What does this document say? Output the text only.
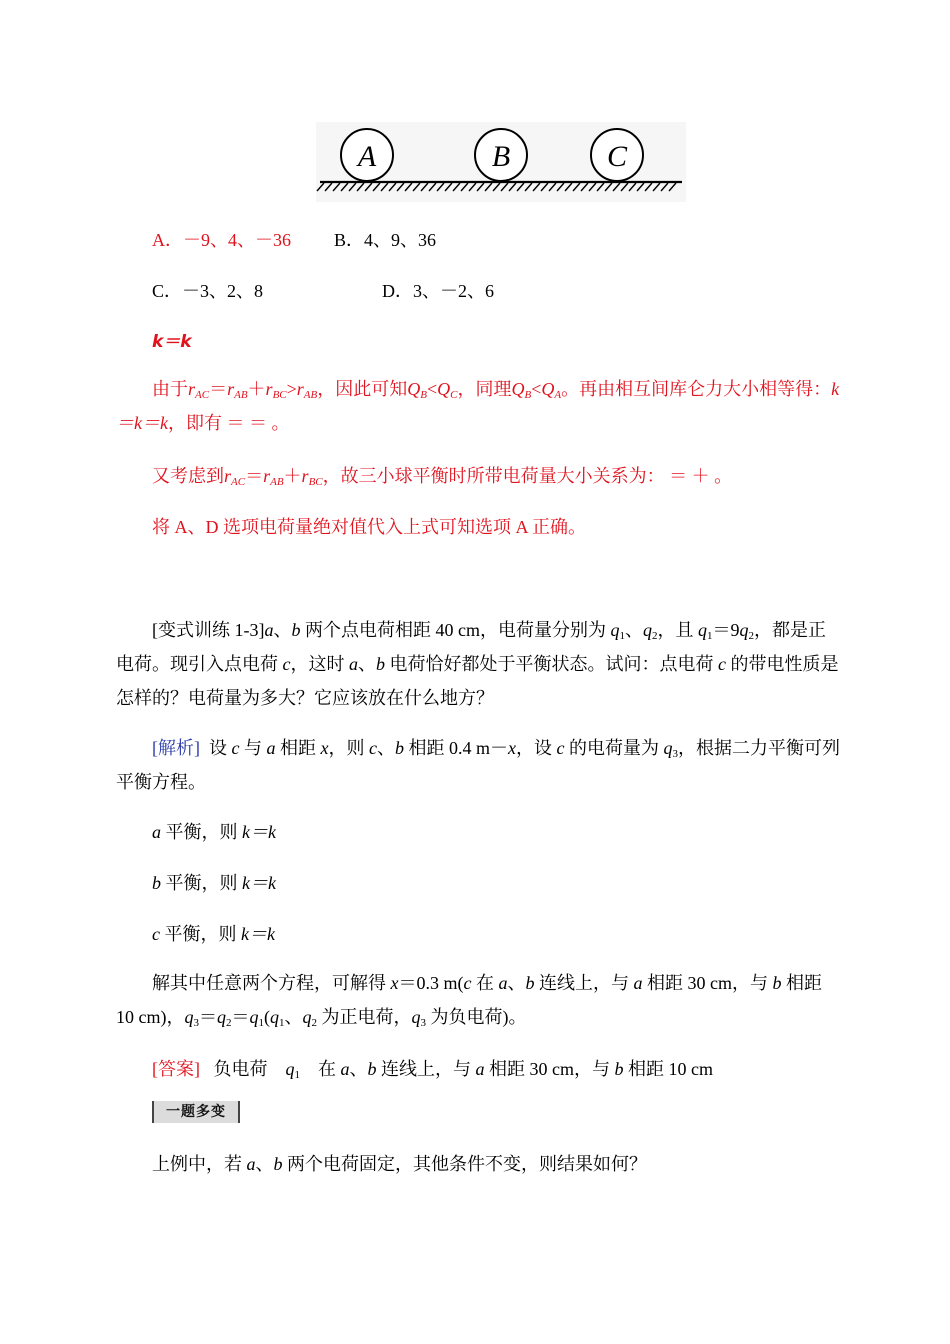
A	B	C
A．－9、4、－36 B．4、9、36
C．－3、2、8	D．3、－2、6
k＝k

由于$r_{AC}=r_{AB}+r_{BC}>r_{AB}$，因此可知$Q_B<Q_C$，同理$Q_B<Q_A$。再由相互间库仑力大小相等得：k＝k＝k，即有 ＝ ＝ 。

又考虑到$r_{AC}=r_{AB}+r_{BC}$，故三小球平衡时所带电荷量大小关系为： ＝ ＋ 。

将 A、D 选项电荷量绝对值代入上式可知选项 A 正确。

[变式训练 1-3]a、b 两个点电荷相距 40 cm，电荷量分别为 $q_1$、$q_2$，且 $q_1=9q_2$，都是正电荷。现引入点电荷 c，这时 a、b 电荷恰好都处于平衡状态。试问：点电荷 c 的带电性质是怎样的？电荷量为多大？它应该放在什么地方？

[解析] 设 c 与 a 相距 x，则 c、b 相距 0.4 m－x，设 c 的电荷量为 $q_3$，根据二力平衡可列平衡方程。

a 平衡，则 k＝k
b 平衡，则 k＝k
c 平衡，则 k＝k

解其中任意两个方程，可解得 x＝0.3 m(c 在 a、b 连线上，与 a 相距 30 cm，与 b 相距 10 cm)，$q_3=q_2=q_1(q_1$、$q_2$ 为正电荷，$q_3$ 为负电荷)。

[答案] 负电荷 $q_1$ 在 a、b 连线上，与 a 相距 30 cm，与 b 相距 10 cm
一题多变
上例中，若 a、b 两个电荷固定，其他条件不变，则结果如何？
